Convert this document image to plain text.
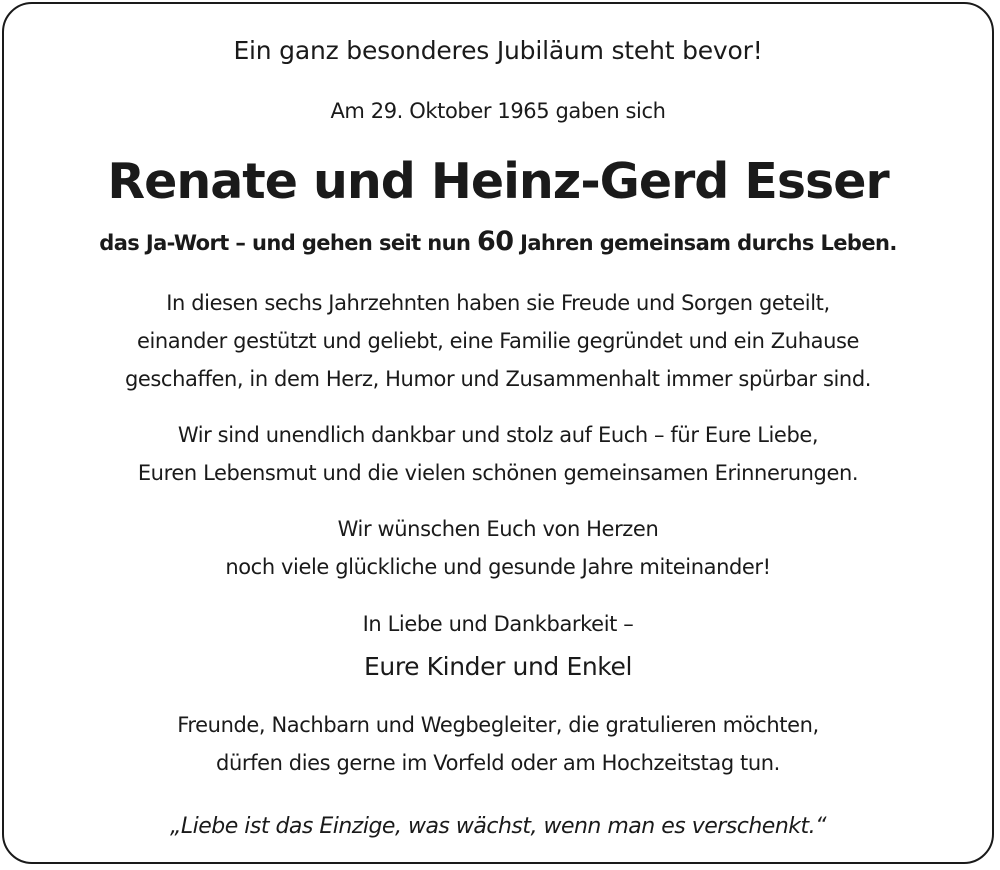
Ein ganz besonderes Jubiläum steht bevor!
Am 29. Oktober 1965 gaben sich
Renate und Heinz-Gerd Esser
das Ja-Wort – und gehen seit nun 60 Jahren gemeinsam durchs Leben.
In diesen sechs Jahrzehnten haben sie Freude und Sorgen geteilt,
einander gestützt und geliebt, eine Familie gegründet und ein Zuhause
geschaffen, in dem Herz, Humor und Zusammenhalt immer spürbar sind.
Wir sind unendlich dankbar und stolz auf Euch – für Eure Liebe,
Euren Lebensmut und die vielen schönen gemeinsamen Erinnerungen.
Wir wünschen Euch von Herzen
noch viele glückliche und gesunde Jahre miteinander!
In Liebe und Dankbarkeit –
Eure Kinder und Enkel
Freunde, Nachbarn und Wegbegleiter, die gratulieren möchten,
dürfen dies gerne im Vorfeld oder am Hochzeitstag tun.
„Liebe ist das Einzige, was wächst, wenn man es verschenkt.“
